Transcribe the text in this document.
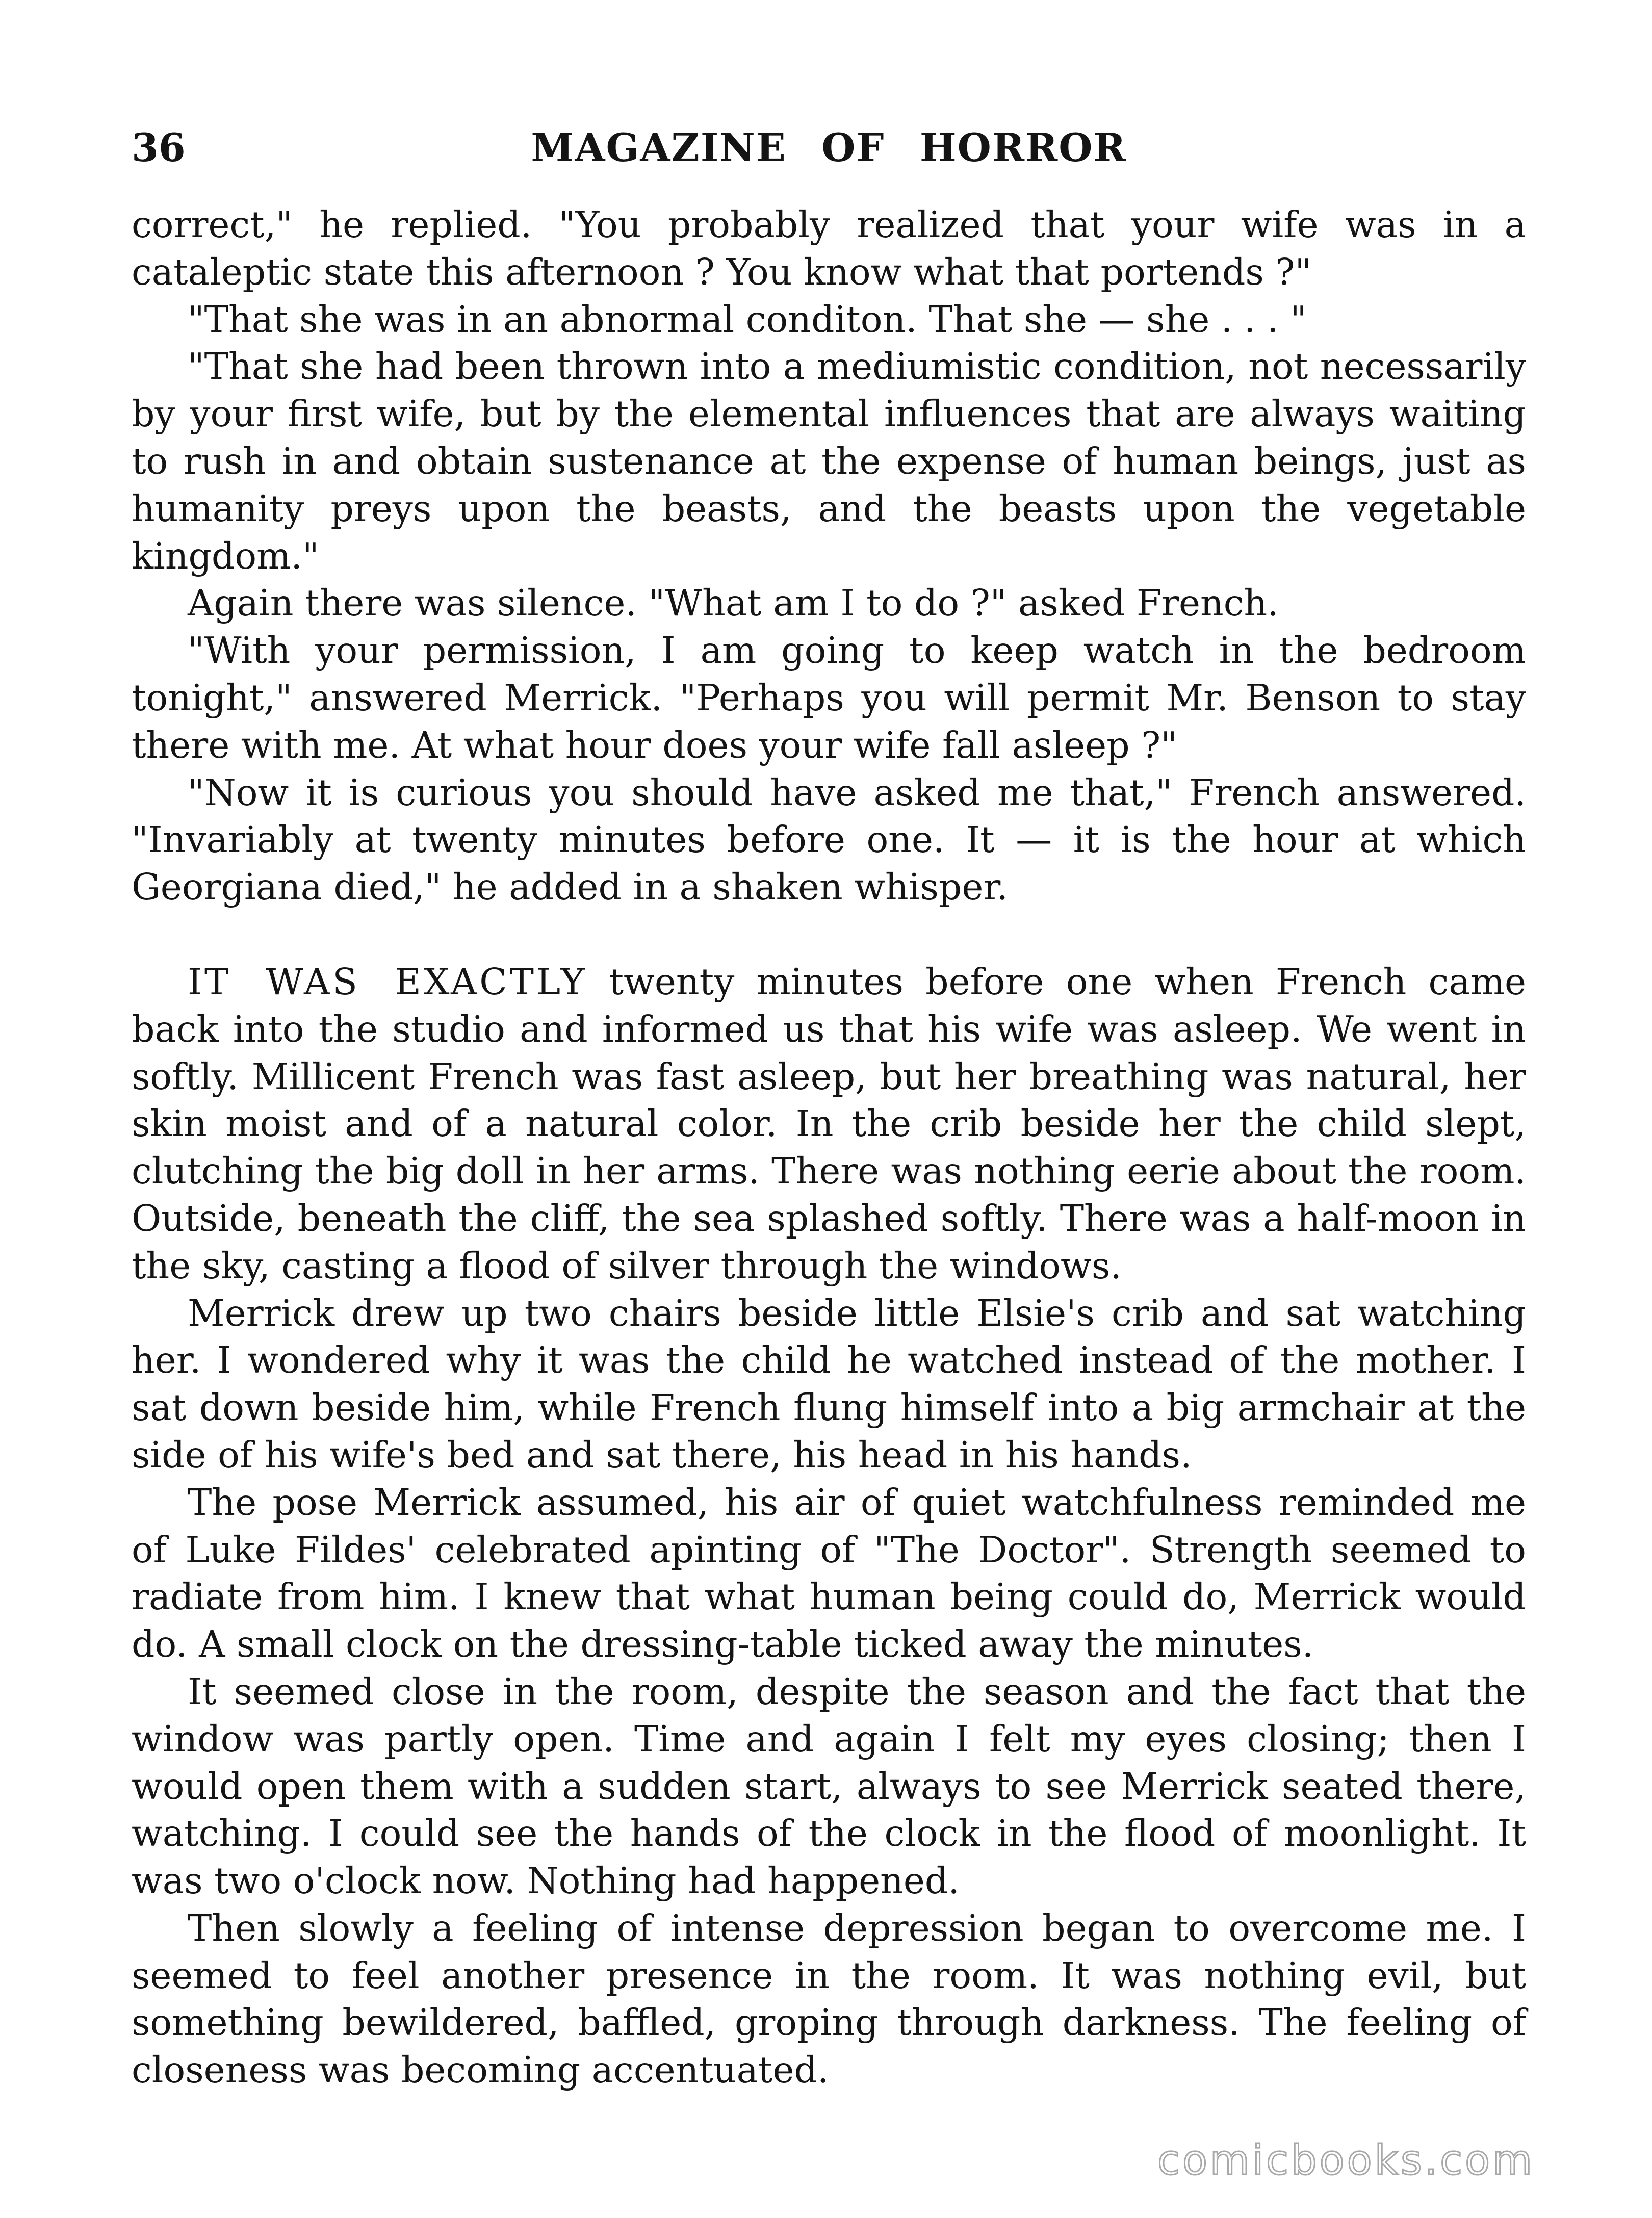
36	MAGAZINE OF HORROR

correct," he replied. "You probably realized that your wife was in a cataleptic state this afternoon ? You know what that portends ?"

"That she was in an abnormal conditon. That she — she . . . "

"That she had been thrown into a mediumistic condition, not necessarily by your first wife, but by the elemental influences that are always waiting to rush in and obtain sustenance at the expense of human beings, just as humanity preys upon the beasts, and the beasts upon the vegetable kingdom."

Again there was silence. "What am I to do ?" asked French.

"With your permission, I am going to keep watch in the bedroom tonight," answered Merrick. "Perhaps you will permit Mr. Benson to stay there with me. At what hour does your wife fall asleep ?"

"Now it is curious you should have asked me that," French answered. "Invariably at twenty minutes before one. It — it is the hour at which Georgiana died," he added in a shaken whisper.

IT WAS EXACTLY twenty minutes before one when French came back into the studio and informed us that his wife was asleep. We went in softly. Millicent French was fast asleep, but her breathing was natural, her skin moist and of a natural color. In the crib beside her the child slept, clutching the big doll in her arms. There was nothing eerie about the room. Outside, beneath the cliff, the sea splashed softly. There was a half-moon in the sky, casting a flood of silver through the windows.

Merrick drew up two chairs beside little Elsie's crib and sat watching her. I wondered why it was the child he watched instead of the mother. I sat down beside him, while French flung himself into a big armchair at the side of his wife's bed and sat there, his head in his hands.

The pose Merrick assumed, his air of quiet watchfulness reminded me of Luke Fildes' celebrated apinting of "The Doctor". Strength seemed to radiate from him. I knew that what human being could do, Merrick would do. A small clock on the dressing-table ticked away the minutes.

It seemed close in the room, despite the season and the fact that the window was partly open. Time and again I felt my eyes closing; then I would open them with a sudden start, always to see Merrick seated there, watching. I could see the hands of the clock in the flood of moonlight. It was two o'clock now. Nothing had happened.

Then slowly a feeling of intense depression began to overcome me. I seemed to feel another presence in the room. It was nothing evil, but something bewildered, baffled, groping through darkness. The feeling of closeness was becoming accentuated.

comicbooks.com
